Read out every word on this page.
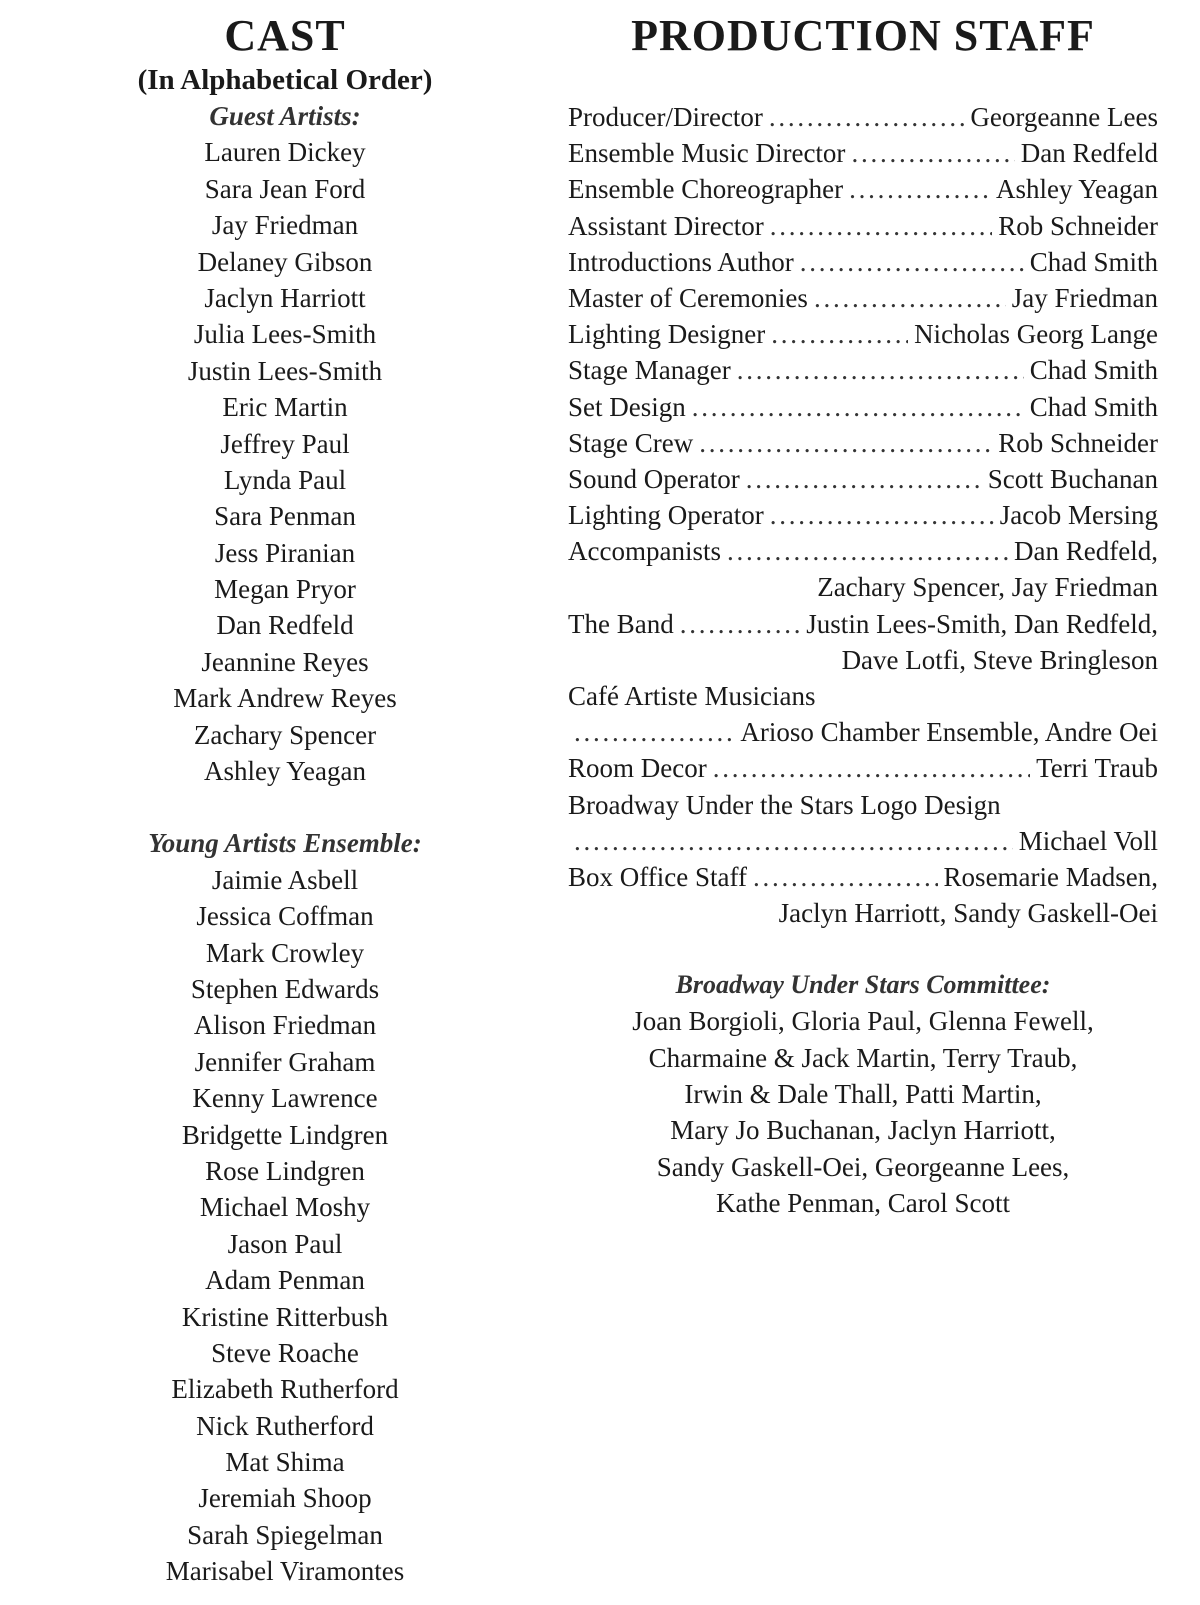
CAST
(In Alphabetical Order)
Guest Artists:
Lauren Dickey
Sara Jean Ford
Jay Friedman
Delaney Gibson
Jaclyn Harriott
Julia Lees-Smith
Justin Lees-Smith
Eric Martin
Jeffrey Paul
Lynda Paul
Sara Penman
Jess Piranian
Megan Pryor
Dan Redfeld
Jeannine Reyes
Mark Andrew Reyes
Zachary Spencer
Ashley Yeagan
Young Artists Ensemble:
Jaimie Asbell
Jessica Coffman
Mark Crowley
Stephen Edwards
Alison Friedman
Jennifer Graham
Kenny Lawrence
Bridgette Lindgren
Rose Lindgren
Michael Moshy
Jason Paul
Adam Penman
Kristine Ritterbush
Steve Roache
Elizabeth Rutherford
Nick Rutherford
Mat Shima
Jeremiah Shoop
Sarah Spiegelman
Marisabel Viramontes
PRODUCTION STAFF
Producer/Director . . .	Georgeanne Lees
Ensemble Music Director . . .	Dan Redfeld
Ensemble Choreographer . . .	Ashley Yeagan
Assistant Director . . .	Rob Schneider
Introductions Author . . .	Chad Smith
Master of Ceremonies . . .	Jay Friedman
Lighting Designer . . .	Nicholas Georg Lange
Stage Manager . . .	Chad Smith
Set Design . . .	Chad Smith
Stage Crew . . .	Rob Schneider
Sound Operator . . .	Scott Buchanan
Lighting Operator . . .	Jacob Mersing
Accompanists . . .	Dan Redfeld,
Zachary Spencer, Jay Friedman
The Band . . .	Justin Lees-Smith, Dan Redfeld,
Dave Lotfi, Steve Bringleson
Café Artiste Musicians
. . .
Arioso Chamber Ensemble, Andre Oei
Room Decor . . .	Terri Traub
Broadway Under the Stars Logo Design
. . .
Michael Voll
Box Office Staff . . .	Rosemarie Madsen,
Jaclyn Harriott, Sandy Gaskell-Oei
Broadway Under Stars Committee:
Joan Borgioli, Gloria Paul, Glenna Fewell,
Charmaine & Jack Martin, Terry Traub,
Irwin & Dale Thall, Patti Martin,
Mary Jo Buchanan, Jaclyn Harriott,
Sandy Gaskell-Oei, Georgeanne Lees,
Kathe Penman, Carol Scott
